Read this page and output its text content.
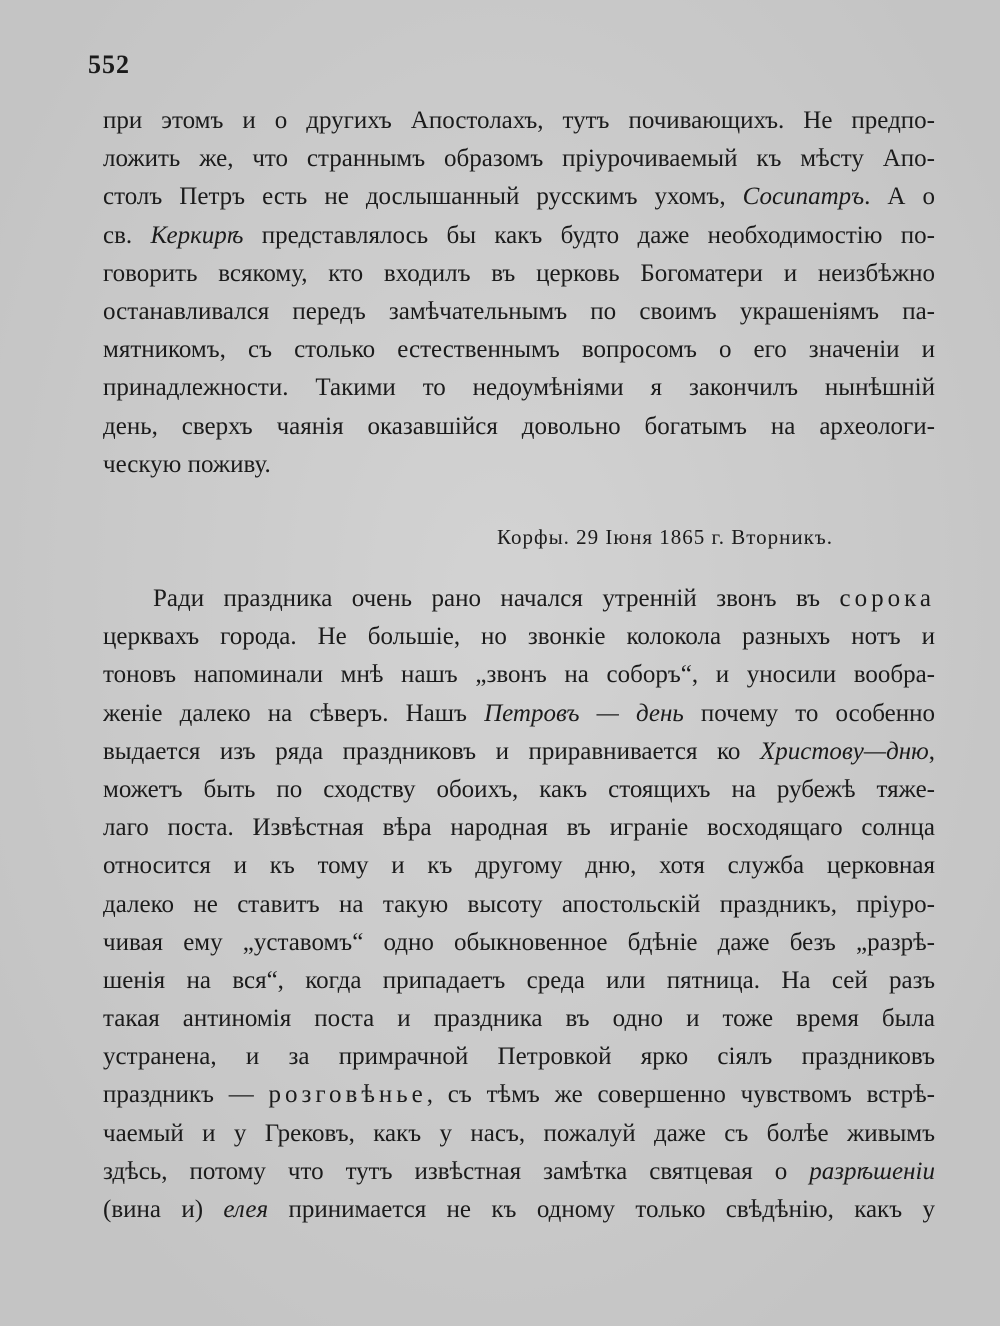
552
при этомъ и о другихъ Апостолахъ, тутъ почивающихъ. Не предпо-
ложить же, что страннымъ образомъ пріурочиваемый къ мѣсту Апо-
столъ Петръ есть не дослышанный русскимъ ухомъ, Сосипатръ. А о
св. Керкирѣ представлялось бы какъ будто даже необходимостію по-
говорить всякому, кто входилъ въ церковь Богоматери и неизбѣжно
останавливался передъ замѣчательнымъ по своимъ украшеніямъ па-
мятникомъ, съ столько естественнымъ вопросомъ о его значеніи и
принадлежности. Такими то недоумѣніями я закончилъ нынѣшній
день, сверхъ чаянія оказавшійся довольно богатымъ на археологи-
ческую поживу.
Корфы. 29 Іюня 1865 г. Вторникъ.
Ради праздника очень рано начался утренній звонъ въ сорока
церквахъ города. Не большіе, но звонкіе колокола разныхъ нотъ и
тоновъ напоминали мнѣ нашъ „звонъ на соборъ“, и уносили вообра-
женіе далеко на сѣверъ. Нашъ Петровъ — день почему то особенно
выдается изъ ряда праздниковъ и приравнивается ко Христову—дню,
можетъ быть по сходству обоихъ, какъ стоящихъ на рубежѣ тяже-
лаго поста. Извѣстная вѣра народная въ играніе восходящаго солнца
относится и къ тому и къ другому дню, хотя служба церковная
далеко не ставитъ на такую высоту апостольскій праздникъ, пріуро-
чивая ему „уставомъ“ одно обыкновенное бдѣніе даже безъ „разрѣ-
шенія на вся“, когда припадаетъ среда или пятница. На сей разъ
такая антиномія поста и праздника въ одно и тоже время была
устранена, и за примрачной Петровкой ярко сіялъ праздниковъ
праздникъ — розговѣнье, съ тѣмъ же совершенно чувствомъ встрѣ-
чаемый и у Грековъ, какъ у насъ, пожалуй даже съ болѣе живымъ
здѣсь, потому что тутъ извѣстная замѣтка святцевая о разрѣшеніи
(вина и) елея принимается не къ одному только свѣдѣнію, какъ у
